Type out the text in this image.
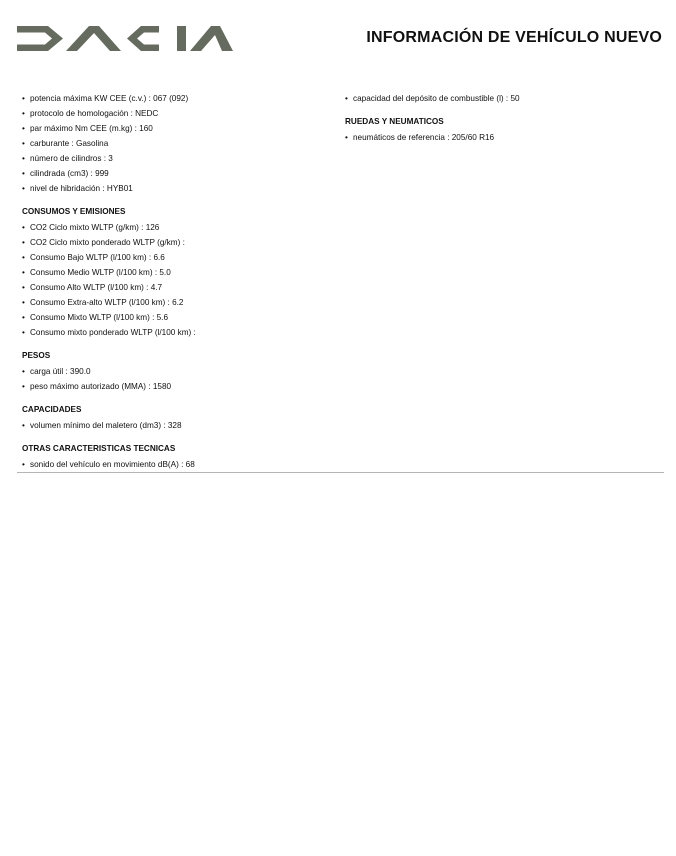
INFORMACIÓN DE VEHÍCULO NUEVO
• potencia máxima KW CEE (c.v.) : 067 (092)
• protocolo de homologación : NEDC
• par máximo Nm CEE (m.kg) : 160
• carburante : Gasolina
• número de cilindros : 3
• cilindrada (cm3) : 999
• nivel de hibridación : HYB01
CONSUMOS Y EMISIONES
• CO2 Ciclo mixto WLTP (g/km) : 126
• CO2 Ciclo mixto ponderado WLTP (g/km) :
• Consumo Bajo WLTP (l/100 km) : 6.6
• Consumo Medio WLTP (l/100 km) : 5.0
• Consumo Alto WLTP (l/100 km) : 4.7
• Consumo Extra-alto WLTP (l/100 km) : 6.2
• Consumo Mixto WLTP (l/100 km) : 5.6
• Consumo mixto ponderado WLTP (l/100 km) :
PESOS
• carga útil : 390.0
• peso máximo autorizado (MMA) : 1580
CAPACIDADES
• volumen mínimo del maletero (dm3) : 328
OTRAS CARACTERISTICAS TECNICAS
• sonido del vehículo en movimiento dB(A) : 68
• capacidad del depósito de combustible (l) : 50
RUEDAS Y NEUMATICOS
• neumáticos de referencia : 205/60 R16
